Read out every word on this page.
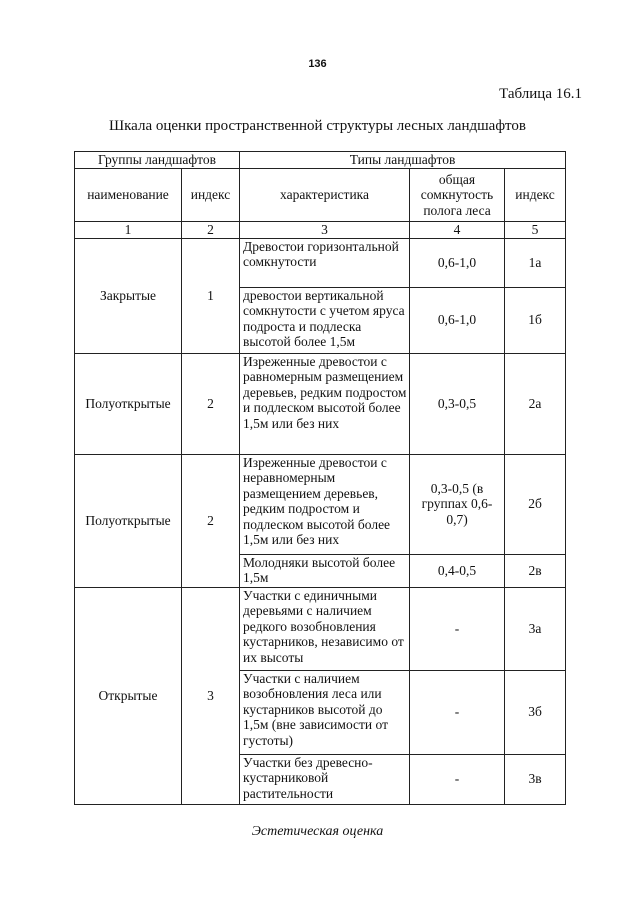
136
Таблица 16.1
Шкала оценки пространственной структуры лесных ландшафтов
Группы ландшафтов		Типы ландшафтов		
наименование	индекс	характеристика	общая сомкнутость полога леса	индекс
1	2	3	4	5
Закрытые	1	Древостои горизонтальной сомкнутости	0,6-1,0	1а
		древостои вертикальной сомкнутости с учетом яруса подроста и подлеска высотой более 1,5м	0,6-1,0	1б
Полуоткрытые	2	Изреженные древостои с равномерным размещением деревьев, редким подростом и подлеском высотой более 1,5м или без них	0,3-0,5	2а
Полуоткрытые	2	Изреженные древостои с неравномерным размещением деревьев, редким подростом и подлеском высотой более 1,5м или без них	0,3-0,5 (в группах 0,6-0,7)	2б
		Молодняки высотой более 1,5м	0,4-0,5	2в
Открытые	3	Участки с единичными деревьями с наличием редкого возобновления кустарников, независимо от их высоты	-	3а
		Участки с наличием возобновления леса или кустарников высотой до 1,5м (вне зависимости от густоты)	-	3б
		Участки без древесно-кустарниковой растительности	-	3в
Эстетическая оценка
